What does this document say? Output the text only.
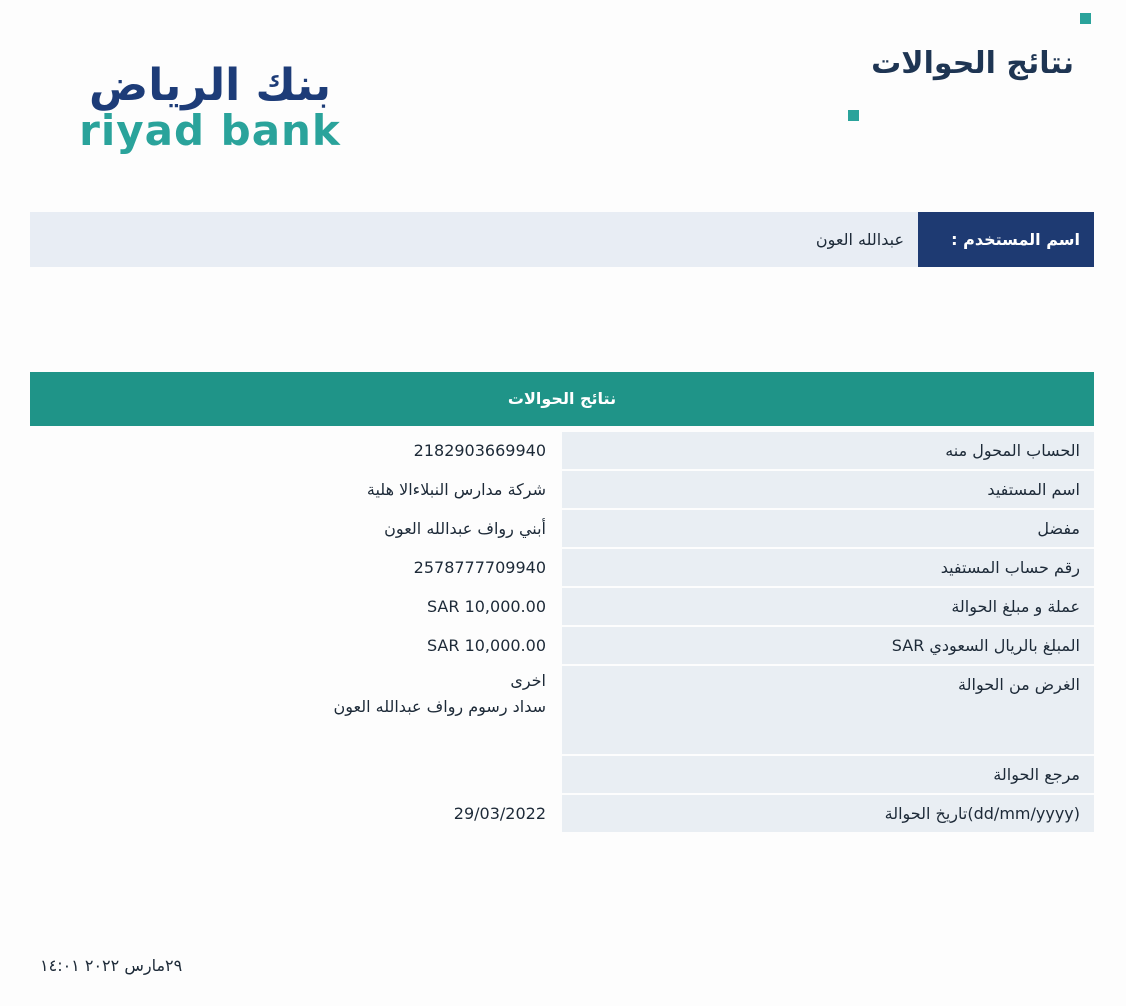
نتائج الحوالات
بنك الرياض
riyad bank
اسم المستخدم :
عبدالله العون
نتائج الحوالات
الحساب المحول منه
2182903669940
اسم المستفيد
شركة مدارس النبلاءالا هلية
مفضل
أبني رواف عبدالله العون
رقم حساب المستفيد
2578777709940
عملة و مبلغ الحوالة
SAR 10,000.00
المبلغ بالريال السعودي SAR
SAR 10,000.00
الغرض من الحوالة
اخرى
سداد رسوم رواف عبدالله العون
مرجع الحوالة
(dd/mm/yyyy)تاريخ الحوالة
29/03/2022
٢٩مارس ٢٠٢٢ ١٤:٠١
